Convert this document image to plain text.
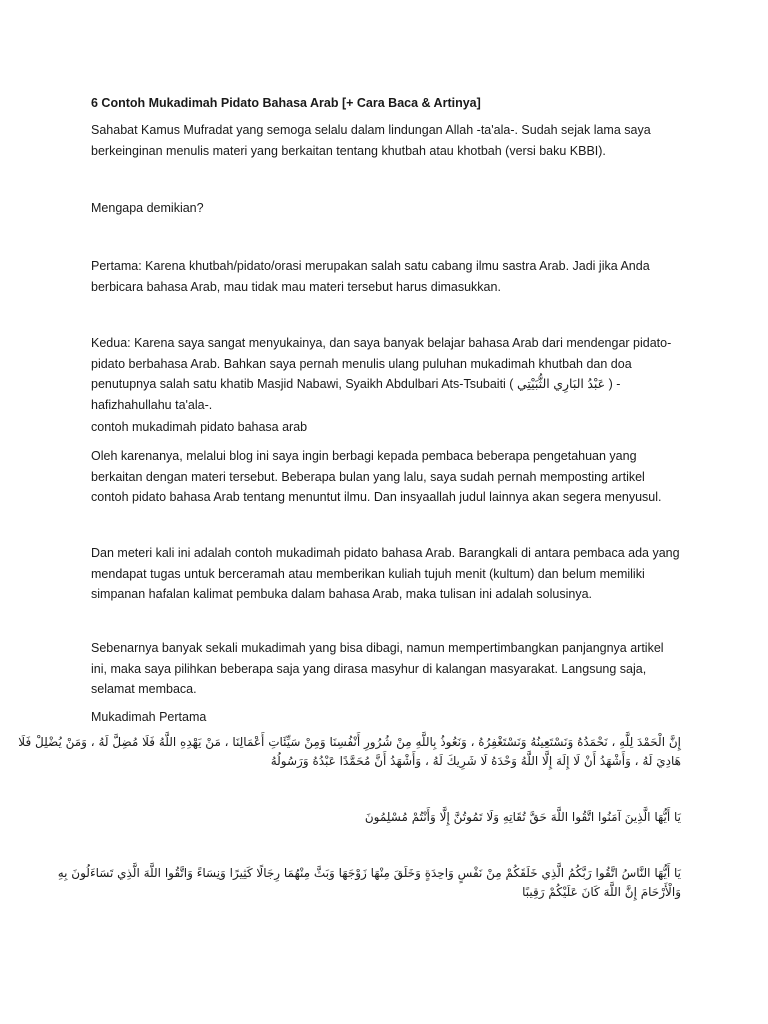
6 Contoh Mukadimah Pidato Bahasa Arab [+ Cara Baca & Artinya]
Sahabat Kamus Mufradat yang semoga selalu dalam lindungan Allah -ta'ala-. Sudah sejak lama saya berkeinginan menulis materi yang berkaitan tentang khutbah atau khotbah (versi baku KBBI).
Mengapa demikian?
Pertama: Karena khutbah/pidato/orasi merupakan salah satu cabang ilmu sastra Arab. Jadi jika Anda berbicara bahasa Arab, mau tidak mau materi tersebut harus dimasukkan.
Kedua: Karena saya sangat menyukainya, dan saya banyak belajar bahasa Arab dari mendengar pidato-pidato berbahasa Arab. Bahkan saya pernah menulis ulang puluhan mukadimah khutbah dan doa penutupnya salah satu khatib Masjid Nabawi, Syaikh Abdulbari Ats-Tsubaiti ( عَبْدُ البَارِي الثُّبَيْتِي ) - hafizhahullahu ta'ala-.
contoh mukadimah pidato bahasa arab
Oleh karenanya, melalui blog ini saya ingin berbagi kepada pembaca beberapa pengetahuan yang berkaitan dengan materi tersebut. Beberapa bulan yang lalu, saya sudah pernah memposting artikel contoh pidato bahasa Arab tentang menuntut ilmu. Dan insyaallah judul lainnya akan segera menyusul.
Dan meteri kali ini adalah contoh mukadimah pidato bahasa Arab. Barangkali di antara pembaca ada yang mendapat tugas untuk berceramah atau memberikan kuliah tujuh menit (kultum) dan belum memiliki simpanan hafalan kalimat pembuka dalam bahasa Arab, maka tulisan ini adalah solusinya.
Sebenarnya banyak sekali mukadimah yang bisa dibagi, namun mempertimbangkan panjangnya artikel ini, maka saya pilihkan beberapa saja yang dirasa masyhur di kalangan masyarakat. Langsung saja, selamat membaca.
Mukadimah Pertama
إِنَّ الْحَمْدَ لِلَّهِ ، نَحْمَدُهُ وَنَسْتَعِينُهُ وَنَسْتَغْفِرُهُ ، وَنَعُوذُ بِاللَّهِ مِنْ شُرُورِ أَنْفُسِنَا وَمِنْ سَيِّئَاتِ أَعْمَالِنَا ، مَنْ يَهْدِهِ اللَّهُ فَلَا مُضِلَّ لَهُ ، وَمَنْ يُضْلِلْ فَلَا
هَادِيَ لَهُ ، وَأَشْهَدُ أَنْ لَا إِلَهَ إِلَّا اللَّهُ وَحْدَهُ لَا شَرِيكَ لَهُ ، وَأَشْهَدُ أَنَّ مُحَمَّدًا عَبْدُهُ وَرَسُولُهُ
يَا أَيُّهَا الَّذِينَ آمَنُوا اتَّقُوا اللَّهَ حَقَّ تُقَاتِهِ وَلَا تَمُوتُنَّ إِلَّا وَأَنْتُمْ مُسْلِمُونَ
يَا أَيُّهَا النَّاسُ اتَّقُوا رَبَّكُمُ الَّذِي خَلَقَكُمْ مِنْ نَفْسٍ وَاحِدَةٍ وَخَلَقَ مِنْهَا زَوْجَهَا وَبَثَّ مِنْهُمَا رِجَالًا كَثِيرًا وَنِسَاءً وَاتَّقُوا اللَّهَ الَّذِي تَسَاءَلُونَ بِهِ
وَالْأَرْحَامَ إِنَّ اللَّهَ كَانَ عَلَيْكُمْ رَقِيبًا
